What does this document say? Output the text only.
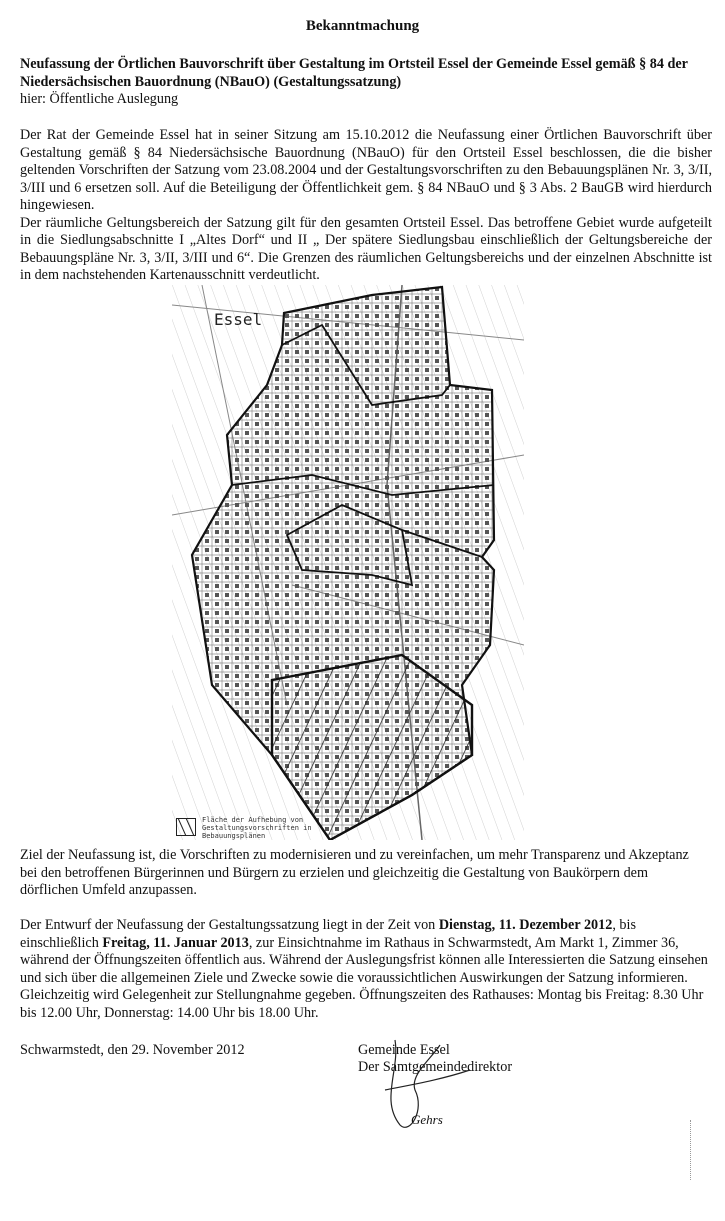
Bekanntmachung
Neufassung der Örtlichen Bauvorschrift über Gestaltung im Ortsteil Essel der Gemeinde Essel gemäß § 84 der Niedersächsischen Bauordnung (NBauO) (Gestaltungssatzung)
hier: Öffentliche Auslegung
Der Rat der Gemeinde Essel hat in seiner Sitzung am 15.10.2012 die Neufassung einer Örtlichen Bauvorschrift über Gestaltung gemäß § 84 Niedersächsische Bauordnung (NBauO) für den Ortsteil Essel beschlossen, die die bisher geltenden Vorschriften der Satzung vom 23.08.2004 und der Gestaltungsvorschriften zu den Bebauungsplänen Nr. 3, 3/II, 3/III und 6 ersetzen soll. Auf die Beteiligung der Öffentlichkeit gem. § 84 NBauO und § 3 Abs. 2 BauGB wird hierdurch hingewiesen.
Der räumliche Geltungsbereich der Satzung gilt für den gesamten Ortsteil Essel. Das betroffene Gebiet wurde aufgeteilt in die Siedlungsabschnitte I „Altes Dorf“ und II „ Der spätere Siedlungsbau einschließlich der Geltungsbereiche der Bebauungspläne Nr. 3, 3/II, 3/III und 6“. Die Grenzen des räumlichen Geltungsbereichs und der einzelnen Abschnitte ist in dem nachstehenden Kartenausschnitt verdeutlicht.
Essel
Fläche der Aufhebung von
Gestaltungsvorschriften in
Bebauungsplänen
Ziel der Neufassung ist, die Vorschriften zu modernisieren und zu vereinfachen, um mehr Transparenz und Akzeptanz bei den betroffenen Bürgerinnen und Bürgern zu erzielen und gleichzeitig die Gestaltung von Baukörpern dem dörflichen Umfeld anzupassen.
Der Entwurf der Neufassung der Gestaltungssatzung liegt in der Zeit von Dienstag, 11. Dezember 2012, bis einschließlich Freitag, 11. Januar 2013, zur Einsichtnahme im Rathaus in Schwarmstedt, Am Markt 1, Zimmer 36, während der Öffnungszeiten öffentlich aus. Während der Auslegungsfrist können alle Interessierten die Satzung einsehen und sich über die allgemeinen Ziele und Zwecke sowie die voraussichtlichen Auswirkungen der Satzung informieren. Gleichzeitig wird Gelegenheit zur Stellungnahme gegeben. Öffnungszeiten des Rathauses: Montag bis Freitag: 8.30 Uhr bis 12.00 Uhr, Donnerstag: 14.00 Uhr bis 18.00 Uhr.
Schwarmstedt, den 29. November 2012	Gemeinde Essel
Der Samtgemeindedirektor
Gehrs
